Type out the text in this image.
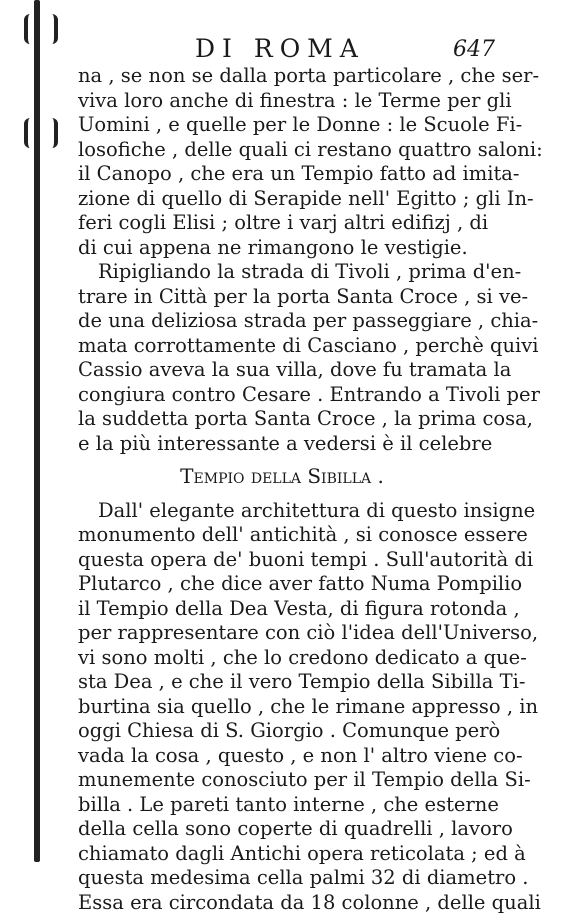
DI ROMA	647
na , se non se dalla porta particolare , che ser-
viva loro anche di finestra : le Terme per gli
Uomini , e quelle per le Donne : le Scuole Fi-
losofiche , delle quali ci restano quattro saloni:
il Canopo , che era un Tempio fatto ad imita-
zione di quello di Serapide nell' Egitto ; gli In-
feri cogli Elisi ; oltre i varj altri edifizj , di
di cui appena ne rimangono le vestigie.
Ripigliando la strada di Tivoli , prima d'en-
trare in Città per la porta Santa Croce , si ve-
de una deliziosa strada per passeggiare , chia-
mata corrottamente di Casciano , perchè quivi
Cassio aveva la sua villa, dove fu tramata la
congiura contro Cesare . Entrando a Tivoli per
la suddetta porta Santa Croce , la prima cosa,
e la più interessante a vedersi è il celebre
Tempio della Sibilla .
Dall' elegante architettura di questo insigne
monumento dell' antichità , si conosce essere
questa opera de' buoni tempi . Sull'autorità di
Plutarco , che dice aver fatto Numa Pompilio
il Tempio della Dea Vesta, di figura rotonda ,
per rappresentare con ciò l'idea dell'Universo,
vi sono molti , che lo credono dedicato a que-
sta Dea , e che il vero Tempio della Sibilla Ti-
burtina sia quello , che le rimane appresso , in
oggi Chiesa di S. Giorgio . Comunque però
vada la cosa , questo , e non l' altro viene co-
munemente conosciuto per il Tempio della Si-
billa . Le pareti tanto interne , che esterne
della cella sono coperte di quadrelli , lavoro
chiamato dagli Antichi opera reticolata ; ed à
questa medesima cella palmi 32 di diametro .
Essa era circondata da 18 colonne , delle quali
